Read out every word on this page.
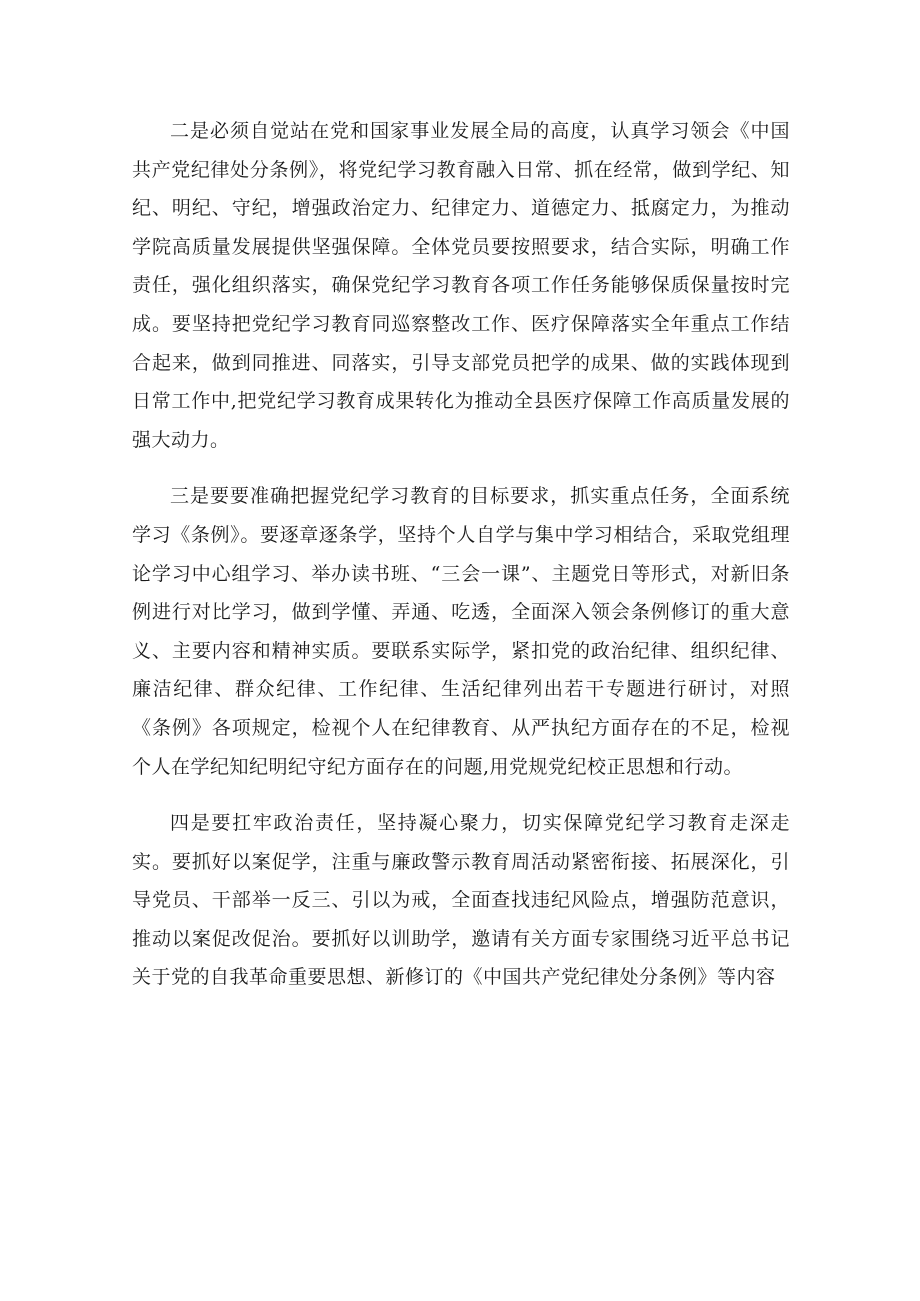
二是必须自觉站在党和国家事业发展全局的高度，认真学习领会《中国共产党纪律处分条例》，将党纪学习教育融入日常、抓在经常，做到学纪、知纪、明纪、守纪，增强政治定力、纪律定力、道德定力、抵腐定力，为推动学院高质量发展提供坚强保障。全体党员要按照要求，结合实际，明确工作责任，强化组织落实，确保党纪学习教育各项工作任务能够保质保量按时完成。要坚持把党纪学习教育同巡察整改工作、医疗保障落实全年重点工作结合起来，做到同推进、同落实，引导支部党员把学的成果、做的实践体现到日常工作中,把党纪学习教育成果转化为推动全县医疗保障工作高质量发展的强大动力。

三是要要准确把握党纪学习教育的目标要求，抓实重点任务，全面系统学习《条例》。要逐章逐条学，坚持个人自学与集中学习相结合，采取党组理论学习中心组学习、举办读书班、“三会一课”、主题党日等形式，对新旧条例进行对比学习，做到学懂、弄通、吃透，全面深入领会条例修订的重大意义、主要内容和精神实质。要联系实际学，紧扣党的政治纪律、组织纪律、廉洁纪律、群众纪律、工作纪律、生活纪律列出若干专题进行研讨，对照《条例》各项规定，检视个人在纪律教育、从严执纪方面存在的不足，检视个人在学纪知纪明纪守纪方面存在的问题,用党规党纪校正思想和行动。

四是要扛牢政治责任，坚持凝心聚力，切实保障党纪学习教育走深走实。要抓好以案促学，注重与廉政警示教育周活动紧密衔接、拓展深化，引导党员、干部举一反三、引以为戒，全面查找违纪风险点，增强防范意识，推动以案促改促治。要抓好以训助学，邀请有关方面专家围绕习近平总书记关于党的自我革命重要思想、新修订的《中国共产党纪律处分条例》等内容
